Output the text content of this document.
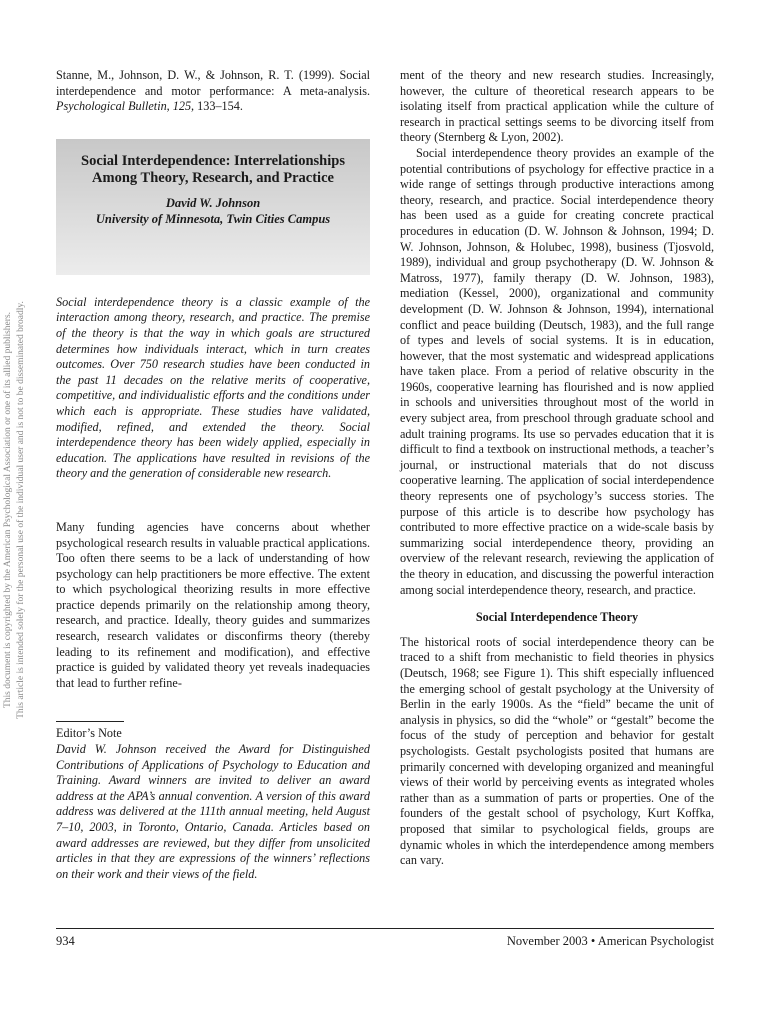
This document is copyrighted by the American Psychological Association or one of its allied publishers. This article is intended solely for the personal use of the individual user and is not to be disseminated broadly.

Stanne, M., Johnson, D. W., & Johnson, R. T. (1999). Social interdependence and motor performance: A meta-analysis. Psychological Bulletin, 125, 133–154.

Social Interdependence: Interrelationships Among Theory, Research, and Practice
David W. Johnson
University of Minnesota, Twin Cities Campus

Social interdependence theory is a classic example of the interaction among theory, research, and practice. The premise of the theory is that the way in which goals are structured determines how individuals interact, which in turn creates outcomes. Over 750 research studies have been conducted in the past 11 decades on the relative merits of cooperative, competitive, and individualistic efforts and the conditions under which each is appropriate. These studies have validated, modified, refined, and extended the theory. Social interdependence theory has been widely applied, especially in education. The applications have resulted in revisions of the theory and the generation of considerable new research.

Many funding agencies have concerns about whether psychological research results in valuable practical applications. Too often there seems to be a lack of understanding of how psychology can help practitioners be more effective. The extent to which psychological theorizing results in more effective practice depends primarily on the relationship among theory, research, and practice. Ideally, theory guides and summarizes research, research validates or disconfirms theory (thereby leading to its refinement and modification), and effective practice is guided by validated theory yet reveals inadequacies that lead to further refine-

Editor’s Note

David W. Johnson received the Award for Distinguished Contributions of Applications of Psychology to Education and Training. Award winners are invited to deliver an award address at the APA’s annual convention. A version of this award address was delivered at the 111th annual meeting, held August 7–10, 2003, in Toronto, Ontario, Canada. Articles based on award addresses are reviewed, but they differ from unsolicited articles in that they are expressions of the winners’ reflections on their work and their views of the field.

ment of the theory and new research studies. Increasingly, however, the culture of theoretical research appears to be isolating itself from practical application while the culture of research in practical settings seems to be divorcing itself from theory (Sternberg & Lyon, 2002).

Social interdependence theory provides an example of the potential contributions of psychology for effective practice in a wide range of settings through productive interactions among theory, research, and practice. Social interdependence theory has been used as a guide for creating concrete practical procedures in education (D. W. Johnson & Johnson, 1994; D. W. Johnson, Johnson, & Holubec, 1998), business (Tjosvold, 1989), individual and group psychotherapy (D. W. Johnson & Matross, 1977), family therapy (D. W. Johnson, 1983), mediation (Kessel, 2000), organizational and community development (D. W. Johnson & Johnson, 1994), international conflict and peace building (Deutsch, 1983), and the full range of types and levels of social systems. It is in education, however, that the most systematic and widespread applications have taken place. From a period of relative obscurity in the 1960s, cooperative learning has flourished and is now applied in schools and universities throughout most of the world in every subject area, from preschool through graduate school and adult training programs. Its use so pervades education that it is difficult to find a textbook on instructional methods, a teacher’s journal, or instructional materials that do not discuss cooperative learning. The application of social interdependence theory represents one of psychology’s success stories. The purpose of this article is to describe how psychology has contributed to more effective practice on a wide-scale basis by summarizing social interdependence theory, providing an overview of the relevant research, reviewing the application of the theory in education, and discussing the powerful interaction among social interdependence theory, research, and practice.

Social Interdependence Theory

The historical roots of social interdependence theory can be traced to a shift from mechanistic to field theories in physics (Deutsch, 1968; see Figure 1). This shift especially influenced the emerging school of gestalt psychology at the University of Berlin in the early 1900s. As the “field” became the unit of analysis in physics, so did the “whole” or “gestalt” become the focus of the study of perception and behavior for gestalt psychologists. Gestalt psychologists posited that humans are primarily concerned with developing organized and meaningful views of their world by perceiving events as integrated wholes rather than as a summation of parts or properties. One of the founders of the gestalt school of psychology, Kurt Koffka, proposed that similar to psychological fields, groups are dynamic wholes in which the interdependence among members can vary.

934	November 2003 • American Psychologist
